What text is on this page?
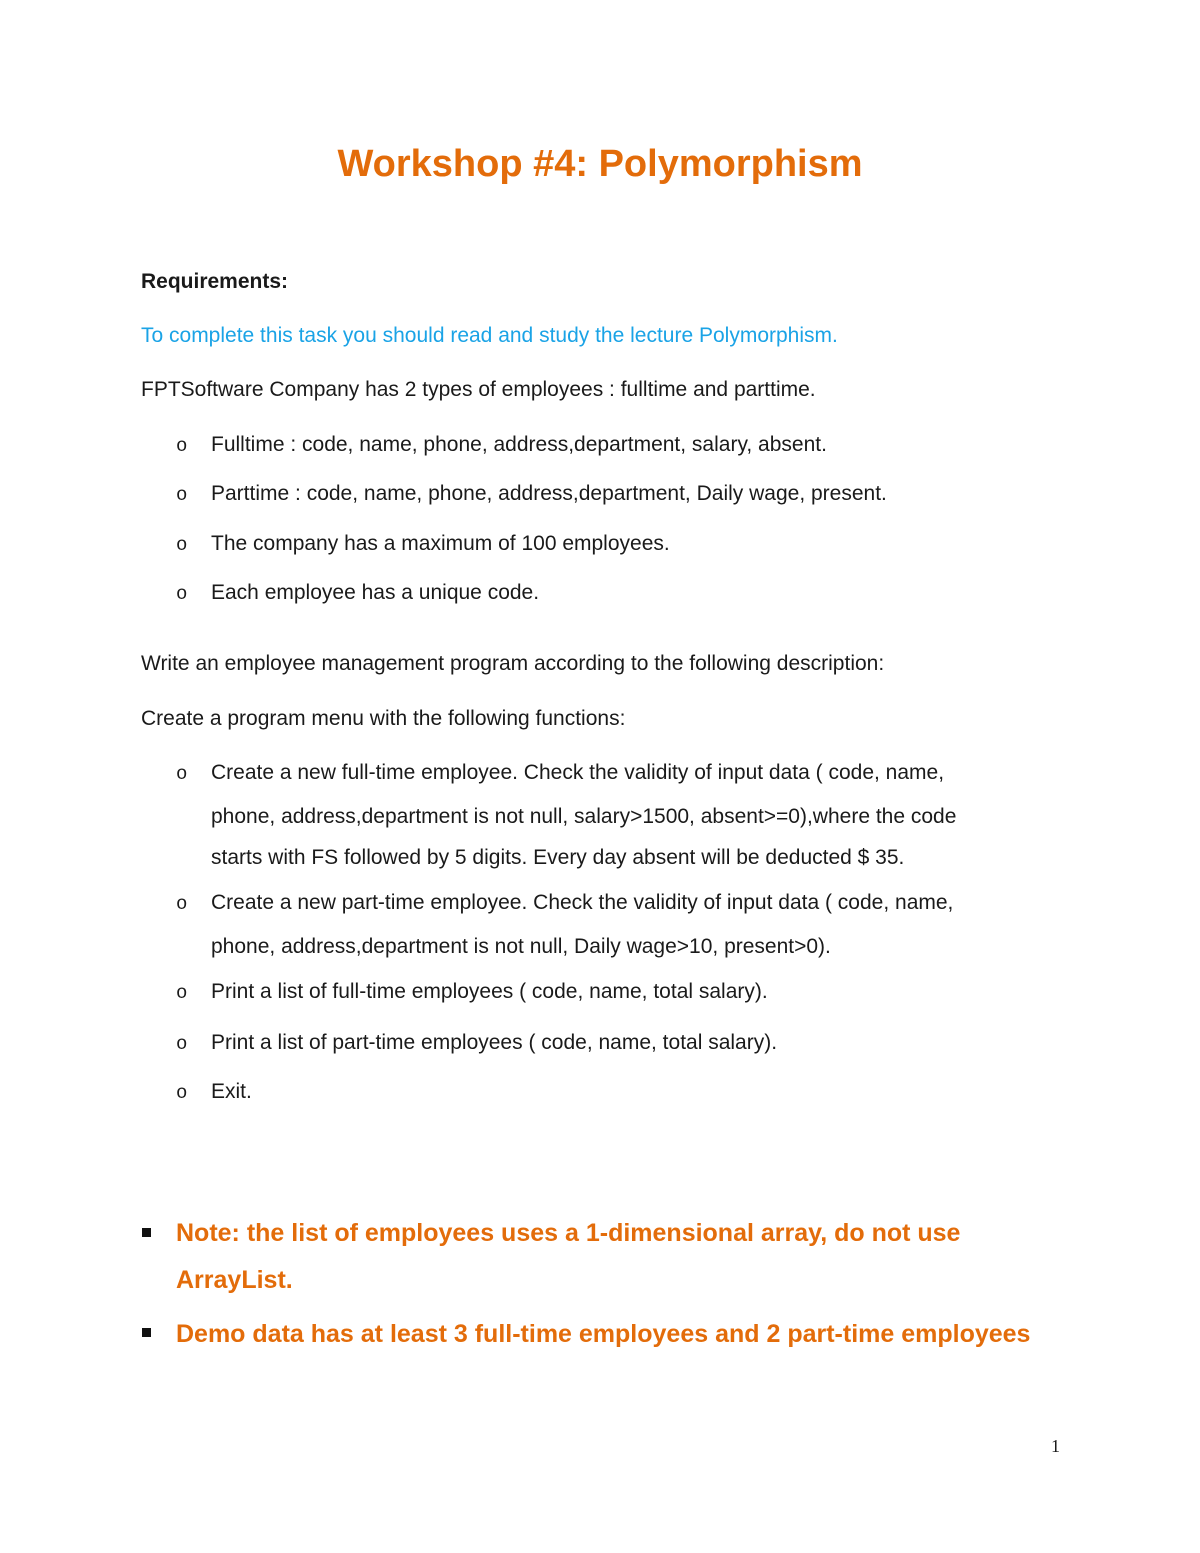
Workshop #4: Polymorphism
Requirements:
To complete this task you should read and study the lecture Polymorphism.
FPTSoftware Company has 2 types of employees : fulltime and parttime.
o Fulltime : code, name, phone, address,department, salary, absent.
o Parttime : code, name, phone, address,department, Daily wage, present.
o The company has a maximum of 100 employees.
o Each employee has a unique code.
Write an employee management program according to the following description:
Create a program menu with the following functions:
o Create a new full-time employee. Check the validity of input data ( code, name,
phone, address,department is not null, salary>1500, absent>=0),where the code
starts with FS followed by 5 digits. Every day absent will be deducted $ 35.
o Create a new part-time employee. Check the validity of input data ( code, name,
phone, address,department is not null, Daily wage>10, present>0).
o Print a list of full-time employees ( code, name, total salary).
o Print a list of part-time employees ( code, name, total salary).
o Exit.
Note: the list of employees uses a 1-dimensional array, do not use
ArrayList.
Demo data has at least 3 full-time employees and 2 part-time employees
1
